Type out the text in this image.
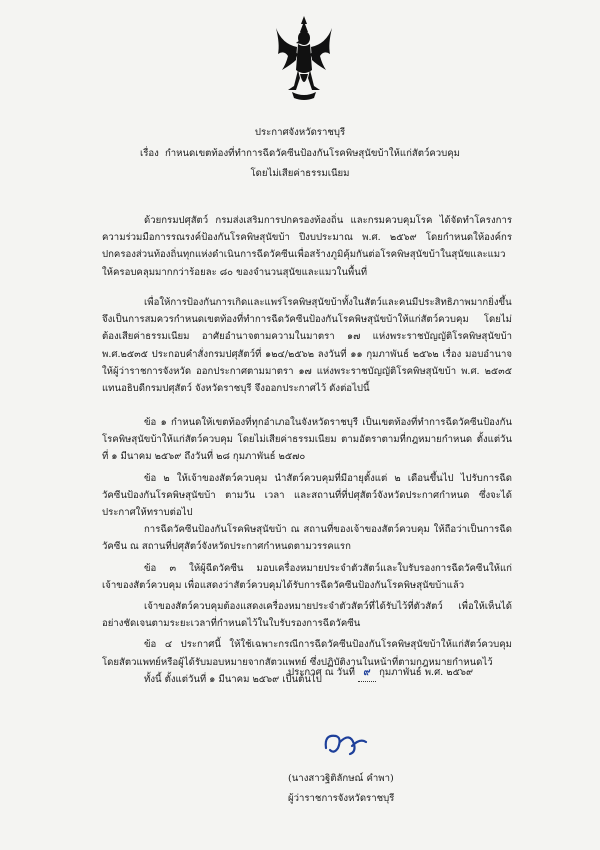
ประกาศจังหวัดราชบุรี
เรื่อง กำหนดเขตท้องที่ทำการฉีดวัคซีนป้องกันโรคพิษสุนัขบ้าให้แก่สัตว์ควบคุม
โดยไม่เสียค่าธรรมเนียม

ด้วยกรมปศุสัตว์ กรมส่งเสริมการปกครองท้องถิ่น และกรมควบคุมโรค ได้จัดทำโครงการความร่วมมือการรณรงค์ป้องกันโรคพิษสุนัขบ้า ปีงบประมาณ พ.ศ. ๒๕๖๙ โดยกำหนดให้องค์กรปกครองส่วนท้องถิ่นทุกแห่งดำเนินการฉีดวัคซีนเพื่อสร้างภูมิคุ้มกันต่อโรคพิษสุนัขบ้าในสุนัขและแมวให้ครอบคลุมมากกว่าร้อยละ ๘๐ ของจำนวนสุนัขและแมวในพื้นที่

เพื่อให้การป้องกันการเกิดและแพร่โรคพิษสุนัขบ้าทั้งในสัตว์และคนมีประสิทธิภาพมากยิ่งขึ้น จึงเป็นการสมควรกำหนดเขตท้องที่ทำการฉีดวัคซีนป้องกันโรคพิษสุนัขบ้าให้แก่สัตว์ควบคุม โดยไม่ต้องเสียค่าธรรมเนียม อาศัยอำนาจตามความในมาตรา ๑๗ แห่งพระราชบัญญัติโรคพิษสุนัขบ้า พ.ศ.๒๕๓๕ ประกอบคำสั่งกรมปศุสัตว์ที่ ๑๒๔/๒๕๖๒ ลงวันที่ ๑๑ กุมภาพันธ์ ๒๕๖๒ เรื่อง มอบอำนาจให้ผู้ว่าราชการจังหวัด ออกประกาศตามมาตรา ๑๗ แห่งพระราชบัญญัติโรคพิษสุนัขบ้า พ.ศ. ๒๕๓๕ แทนอธิบดีกรมปศุสัตว์ จังหวัดราชบุรี จึงออกประกาศไว้ ดังต่อไปนี้

ข้อ ๑ กำหนดให้เขตท้องที่ทุกอำเภอในจังหวัดราชบุรี เป็นเขตท้องที่ทำการฉีดวัคซีนป้องกันโรคพิษสุนัขบ้าให้แก่สัตว์ควบคุม โดยไม่เสียค่าธรรมเนียม ตามอัตราตามที่กฎหมายกำหนด ตั้งแต่วันที่ ๑ มีนาคม ๒๕๖๙ ถึงวันที่ ๒๘ กุมภาพันธ์ ๒๕๗๐

ข้อ ๒ ให้เจ้าของสัตว์ควบคุม นำสัตว์ควบคุมที่มีอายุตั้งแต่ ๒ เดือนขึ้นไป ไปรับการฉีดวัคซีนป้องกันโรคพิษสุนัขบ้า ตามวัน เวลา และสถานที่ที่ปศุสัตว์จังหวัดประกาศกำหนด ซึ่งจะได้ประกาศให้ทราบต่อไป

การฉีดวัคซีนป้องกันโรคพิษสุนัขบ้า ณ สถานที่ของเจ้าของสัตว์ควบคุม ให้ถือว่าเป็นการฉีดวัคซีน ณ สถานที่ปศุสัตว์จังหวัดประกาศกำหนดตามวรรคแรก

ข้อ ๓ ให้ผู้ฉีดวัคซีน มอบเครื่องหมายประจำตัวสัตว์และใบรับรองการฉีดวัคซีนให้แก่เจ้าของสัตว์ควบคุม เพื่อแสดงว่าสัตว์ควบคุมได้รับการฉีดวัคซีนป้องกันโรคพิษสุนัขบ้าแล้ว

เจ้าของสัตว์ควบคุมต้องแสดงเครื่องหมายประจำตัวสัตว์ที่ได้รับไว้ที่ตัวสัตว์ เพื่อให้เห็นได้อย่างชัดเจนตามระยะเวลาที่กำหนดไว้ในใบรับรองการฉีดวัคซีน

ข้อ ๔ ประกาศนี้ ให้ใช้เฉพาะกรณีการฉีดวัคซีนป้องกันโรคพิษสุนัขบ้าให้แก่สัตว์ควบคุมโดยสัตวแพทย์หรือผู้ได้รับมอบหมายจากสัตวแพทย์ ซึ่งปฏิบัติงานในหน้าที่ตามกฎหมายกำหนดไว้

ทั้งนี้ ตั้งแต่วันที่ ๑ มีนาคม ๒๕๖๙ เป็นต้นไป

ประกาศ ณ วันที่ ๙ กุมภาพันธ์ พ.ศ. ๒๕๖๙
(นางสาวฐิติลักษณ์ คำพา)
ผู้ว่าราชการจังหวัดราชบุรี
